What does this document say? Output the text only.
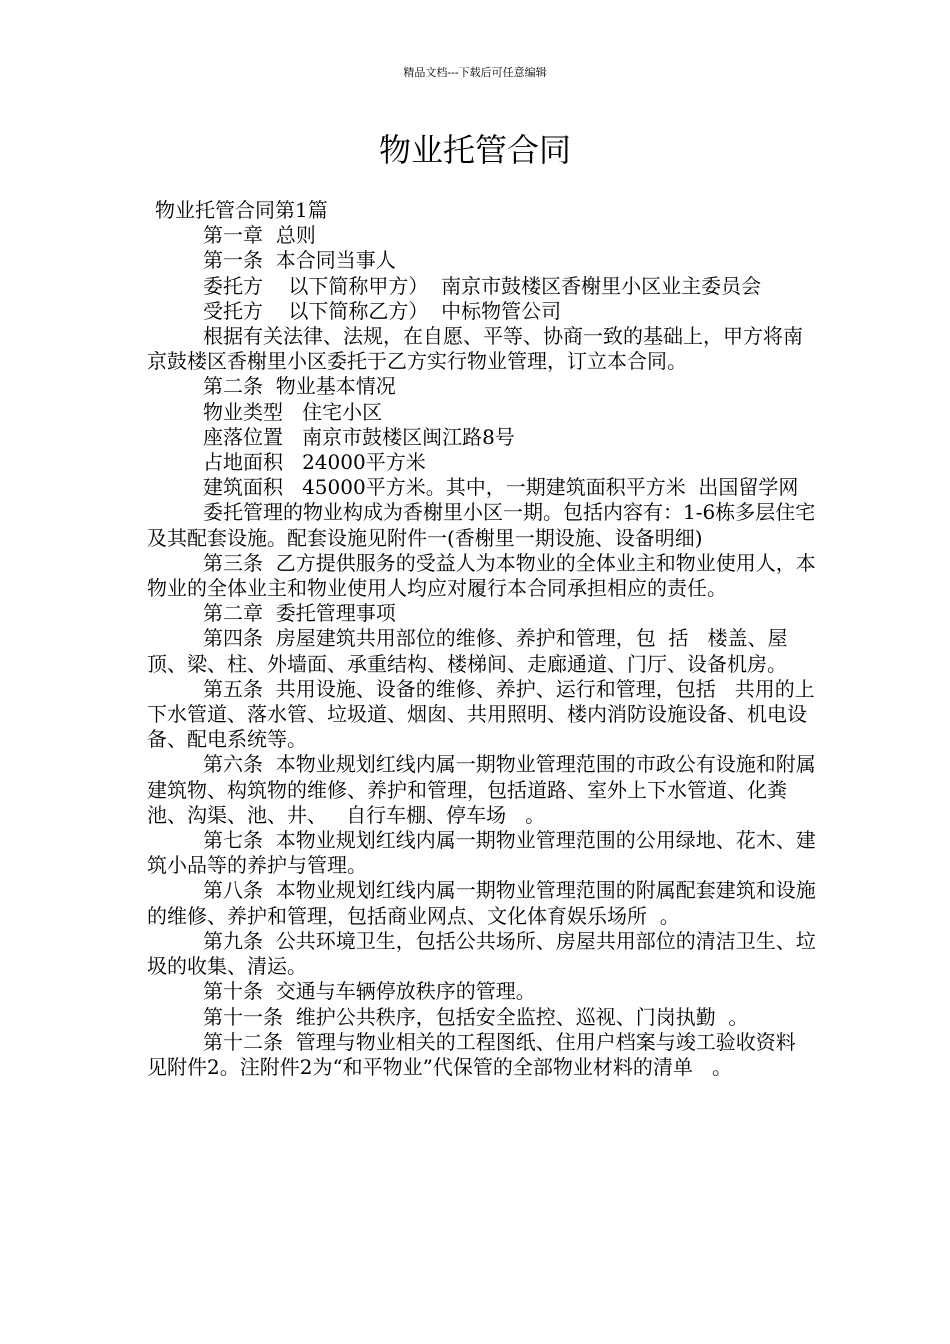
精品文档---下载后可任意编辑
物业托管合同

物业托管合同第1篇

第一章  总则

第一条  本合同当事人

委托方    以下简称甲方）  南京市鼓楼区香榭里小区业主委员会

受托方    以下简称乙方）  中标物管公司

根据有关法律、法规，在自愿、平等、协商一致的基础上，甲方将南京鼓楼区香榭里小区委托于乙方实行物业管理，订立本合同。

第二条  物业基本情况

物业类型   住宅小区

座落位置   南京市鼓楼区闽江路8号

占地面积   24000平方米

建筑面积   45000平方米。其中，一期建筑面积平方米  出国留学网

委托管理的物业构成为香榭里小区一期。包括内容有：1-6栋多层住宅及其配套设施。配套设施见附件一(香榭里一期设施、设备明细)

第三条  乙方提供服务的受益人为本物业的全体业主和物业使用人，本物业的全体业主和物业使用人均应对履行本合同承担相应的责任。

第二章  委托管理事项

第四条  房屋建筑共用部位的维修、养护和管理，包  括   楼盖、屋顶、梁、柱、外墙面、承重结构、楼梯间、走廊通道、门厅、设备机房。

第五条  共用设施、设备的维修、养护、运行和管理，包括   共用的上下水管道、落水管、垃圾道、烟囱、共用照明、楼内消防设施设备、机电设备、配电系统等。

第六条  本物业规划红线内属一期物业管理范围的市政公有设施和附属建筑物、构筑物的维修、养护和管理，包括道路、室外上下水管道、化粪池、沟渠、池、井、   自行车棚、停车场   。

第七条  本物业规划红线内属一期物业管理范围的公用绿地、花木、建筑小品等的养护与管理。

第八条  本物业规划红线内属一期物业管理范围的附属配套建筑和设施的维修、养护和管理，包括商业网点、文化体育娱乐场所  。

第九条  公共环境卫生，包括公共场所、房屋共用部位的清洁卫生、垃圾的收集、清运。

第十条  交通与车辆停放秩序的管理。

第十一条  维护公共秩序，包括安全监控、巡视、门岗执勤  。

第十二条  管理与物业相关的工程图纸、住用户档案与竣工验收资料   见附件2。注附件2为“和平物业”代保管的全部物业材料的清单   。
